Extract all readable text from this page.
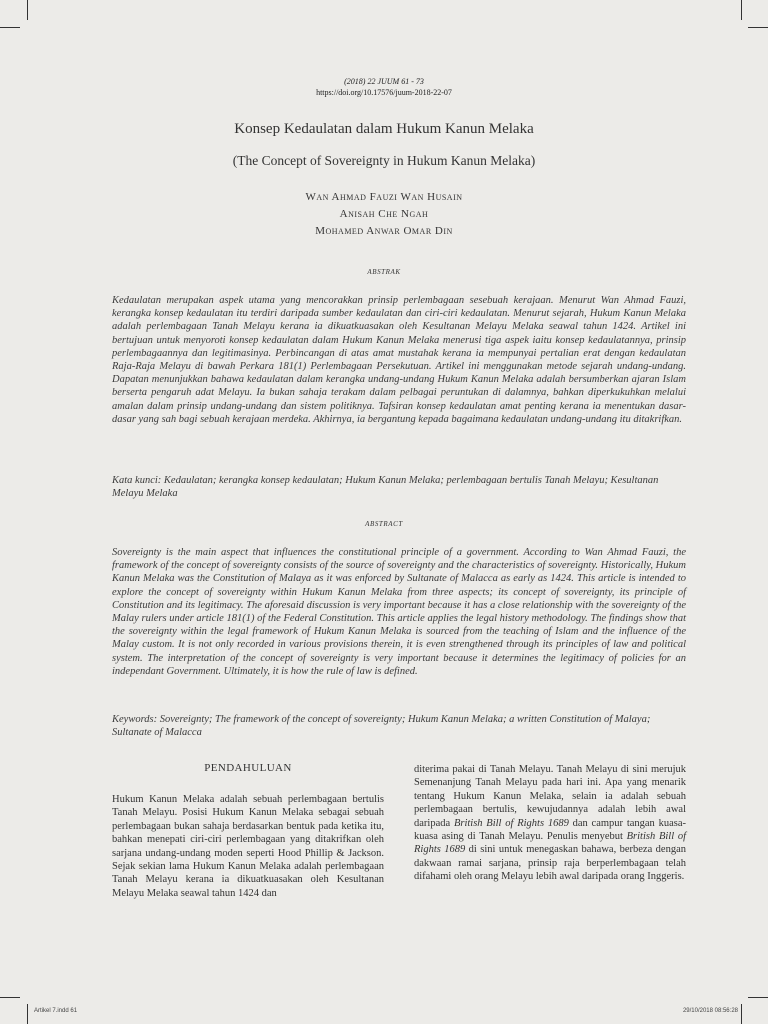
(2018) 22 JUUM 61 - 73
https://doi.org/10.17576/juum-2018-22-07
Konsep Kedaulatan dalam Hukum Kanun Melaka
(The Concept of Sovereignty in Hukum Kanun Melaka)
Wan Ahmad Fauzi Wan Husain
Anisah Che Ngah
Mohamed Anwar Omar Din
ABSTRAK
Kedaulatan merupakan aspek utama yang mencorakkan prinsip perlembagaan sesebuah kerajaan. Menurut Wan Ahmad Fauzi, kerangka konsep kedaulatan itu terdiri daripada sumber kedaulatan dan ciri-ciri kedaulatan. Menurut sejarah, Hukum Kanun Melaka adalah perlembagaan Tanah Melayu kerana ia dikuatkuasakan oleh Kesultanan Melayu Melaka seawal tahun 1424. Artikel ini bertujuan untuk menyoroti konsep kedaulatan dalam Hukum Kanun Melaka menerusi tiga aspek iaitu konsep kedaulatannya, prinsip perlembagaannya dan legitimasinya. Perbincangan di atas amat mustahak kerana ia mempunyai pertalian erat dengan kedaulatan Raja-Raja Melayu di bawah Perkara 181(1) Perlembagaan Persekutuan. Artikel ini menggunakan metode sejarah undang-undang. Dapatan menunjukkan bahawa kedaulatan dalam kerangka undang-undang Hukum Kanun Melaka adalah bersumberkan ajaran Islam berserta pengaruh adat Melayu. Ia bukan sahaja terakam dalam pelbagai peruntukan di dalamnya, bahkan diperkukuhkan melalui amalan dalam prinsip undang-undang dan sistem politiknya. Tafsiran konsep kedaulatan amat penting kerana ia menentukan dasar-dasar yang sah bagi sebuah kerajaan merdeka. Akhirnya, ia bergantung kepada bagaimana kedaulatan undang-undang itu ditakrifkan.
Kata kunci: Kedaulatan; kerangka konsep kedaulatan; Hukum Kanun Melaka; perlembagaan bertulis Tanah Melayu; Kesultanan Melayu Melaka
ABSTRACT
Sovereignty is the main aspect that influences the constitutional principle of a government. According to Wan Ahmad Fauzi, the framework of the concept of sovereignty consists of the source of sovereignty and the characteristics of sovereignty. Historically, Hukum Kanun Melaka was the Constitution of Malaya as it was enforced by Sultanate of Malacca as early as 1424. This article is intended to explore the concept of sovereignty within Hukum Kanun Melaka from three aspects; its concept of sovereignty, its principle of Constitution and its legitimacy. The aforesaid discussion is very important because it has a close relationship with the sovereignty of the Malay rulers under article 181(1) of the Federal Constitution. This article applies the legal history methodology. The findings show that the sovereignty within the legal framework of Hukum Kanun Melaka is sourced from the teaching of Islam and the influence of the Malay custom. It is not only recorded in various provisions therein, it is even strengthened through its principles of law and political system. The interpretation of the concept of sovereignty is very important because it determines the legitimacy of policies for an independant Government. Ultimately, it is how the rule of law is defined.
Keywords: Sovereignty; The framework of the concept of sovereignty; Hukum Kanun Melaka; a written Constitution of Malaya; Sultanate of Malacca
PENDAHULUAN

Hukum Kanun Melaka adalah sebuah perlembagaan bertulis Tanah Melayu. Posisi Hukum Kanun Melaka sebagai sebuah perlembagaan bukan sahaja berdasarkan bentuk pada ketika itu, bahkan menepati ciri-ciri perlembagaan yang ditakrifkan oleh sarjana undang-undang moden seperti Hood Phillip & Jackson. Sejak sekian lama Hukum Kanun Melaka adalah perlembagaan Tanah Melayu kerana ia dikuatkuasakan oleh Kesultanan Melayu Melaka seawal tahun 1424 dan

diterima pakai di Tanah Melayu. Tanah Melayu di sini merujuk Semenanjung Tanah Melayu pada hari ini. Apa yang menarik tentang Hukum Kanun Melaka, selain ia adalah sebuah perlembagaan bertulis, kewujudannya adalah lebih awal daripada British Bill of Rights 1689 dan campur tangan kuasa-kuasa asing di Tanah Melayu. Penulis menyebut British Bill of Rights 1689 di sini untuk menegaskan bahawa, berbeza dengan dakwaan ramai sarjana, prinsip raja berperlembagaan telah difahami oleh orang Melayu lebih awal daripada orang Inggeris.

Artikel 7.indd 61	29/10/2018 08:56:28
